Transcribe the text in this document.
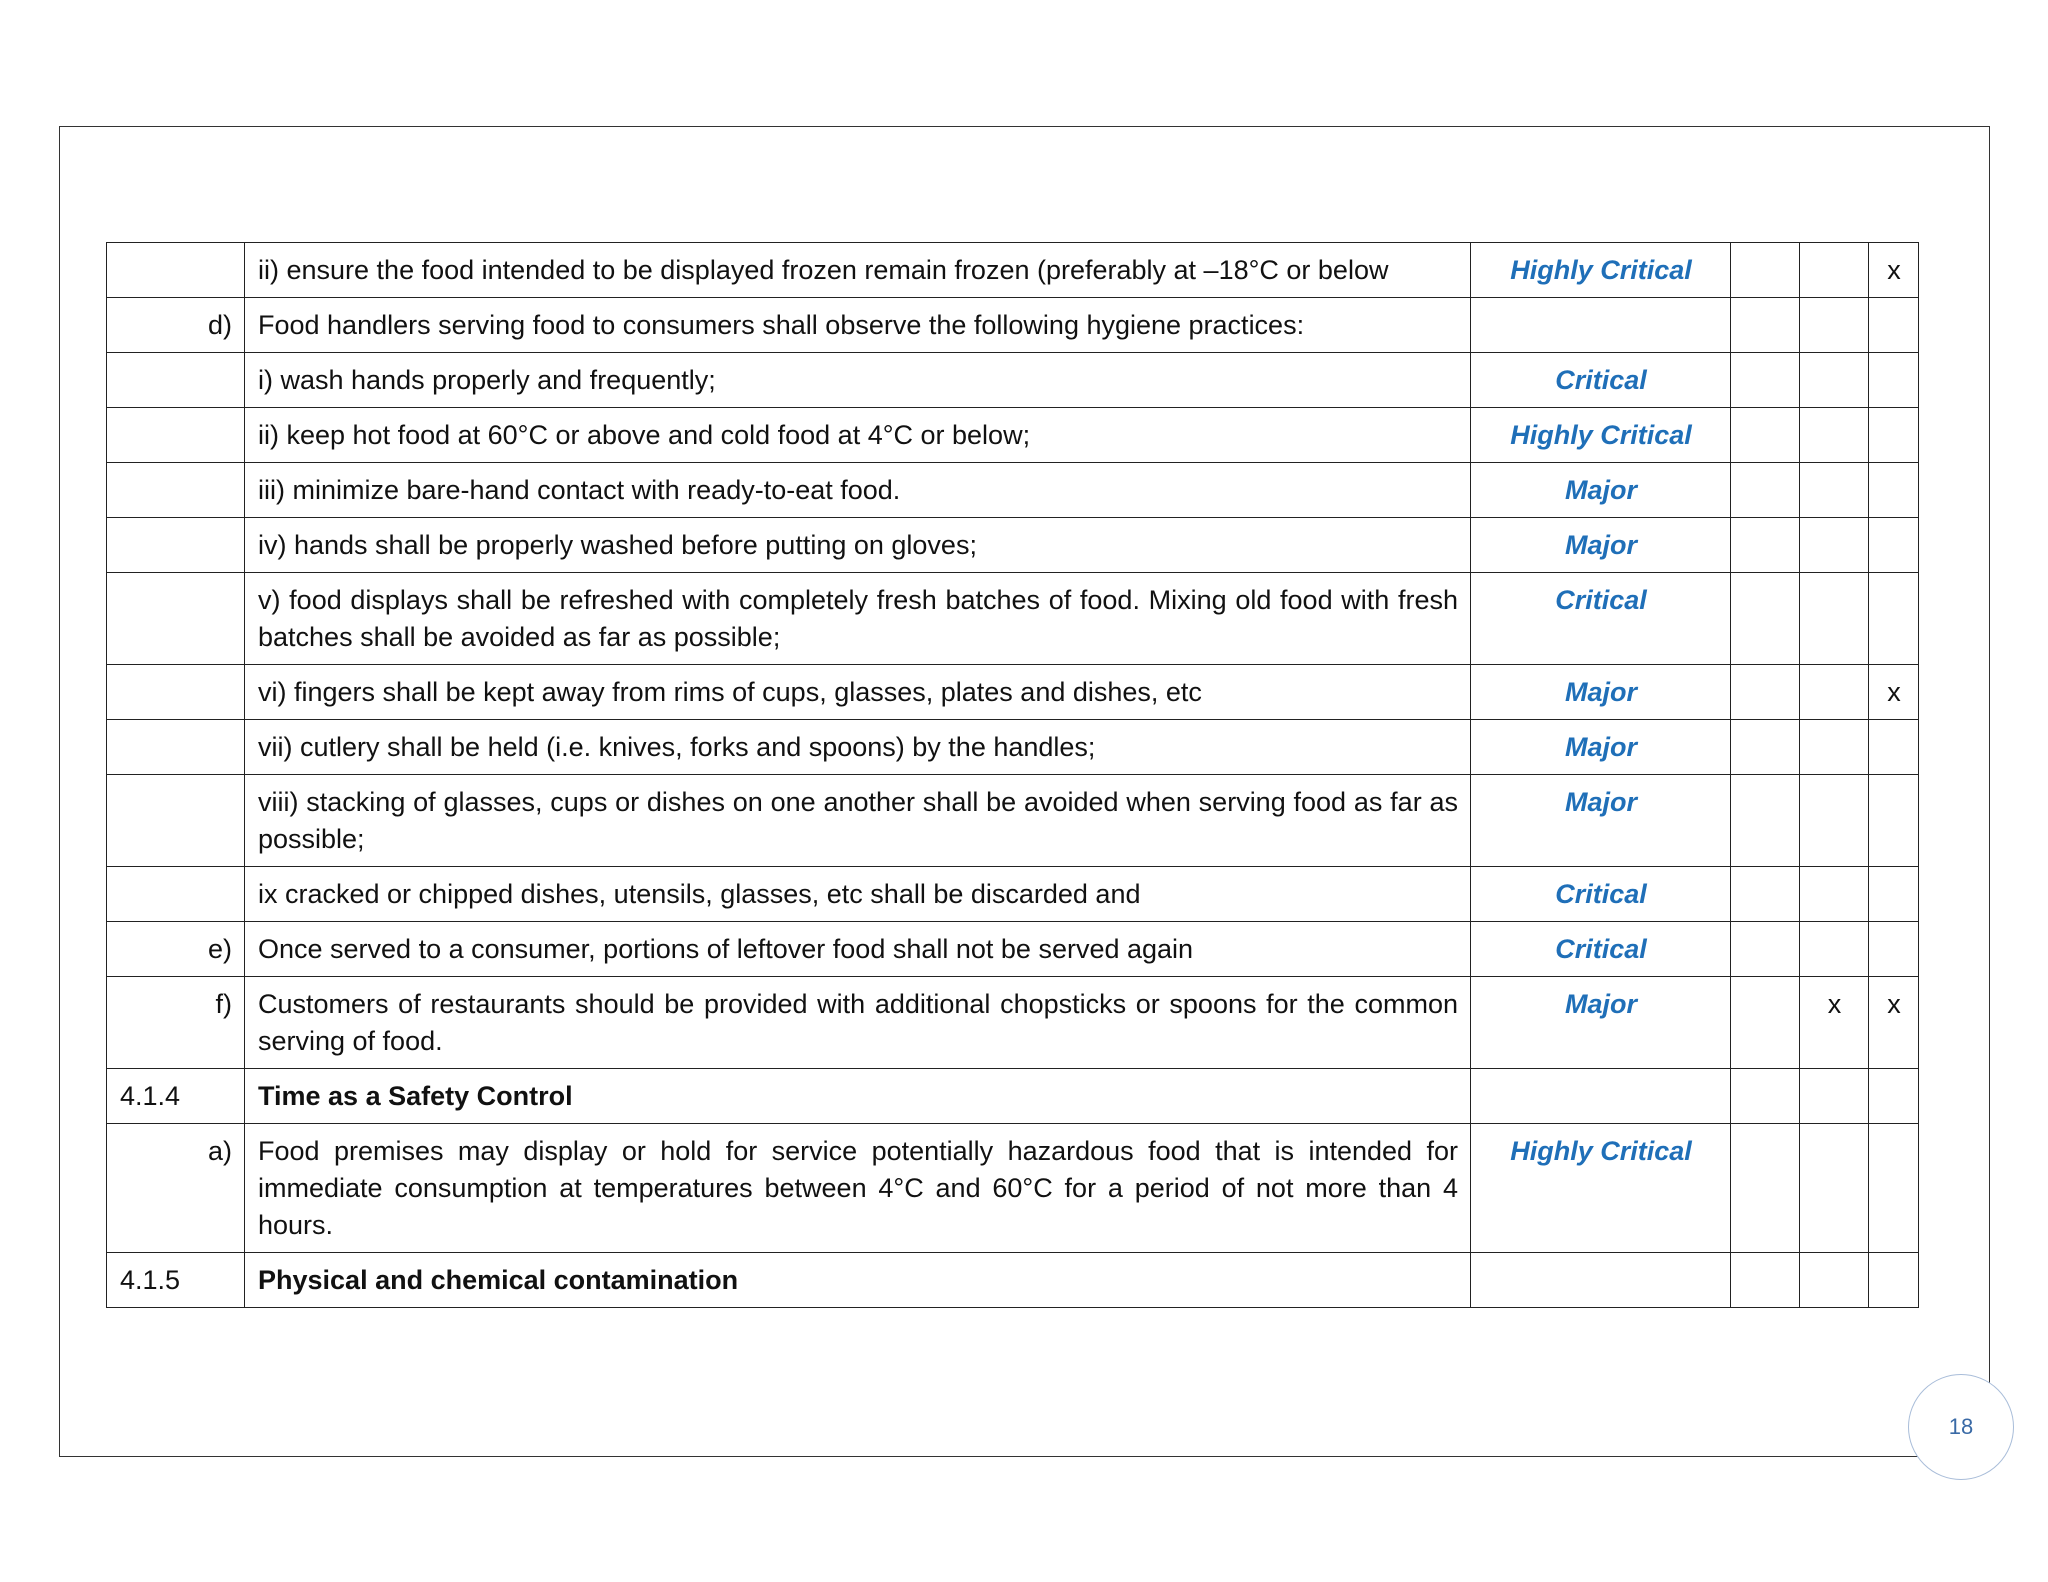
	ii) ensure the food intended to be displayed frozen remain frozen (preferably at –18°C or below	Highly Critical			x
d)	Food handlers serving food to consumers shall observe the following hygiene practices:				
	i) wash hands properly and frequently;	Critical			
	ii) keep hot food at 60°C or above and cold food at 4°C or below;	Highly Critical			
	iii) minimize bare-hand contact with ready-to-eat food.	Major			
	iv) hands shall be properly washed before putting on gloves;	Major			
	v) food displays shall be refreshed with completely fresh batches of food. Mixing old food with fresh batches shall be avoided as far as possible;	Critical			
	vi) fingers shall be kept away from rims of cups, glasses, plates and dishes, etc	Major			x
	vii) cutlery shall be held (i.e. knives, forks and spoons) by the handles;	Major			
	viii) stacking of glasses, cups or dishes on one another shall be avoided when serving food as far as possible;	Major			
	ix cracked or chipped dishes, utensils, glasses, etc shall be discarded and	Critical			
e)	Once served to a consumer, portions of leftover food shall not be served again	Critical			
f)	Customers of restaurants should be provided with additional chopsticks or spoons for the common serving of food.	Major		x	x
4.1.4	Time as a Safety Control				
a)	Food premises may display or hold for service potentially hazardous food that is intended for immediate consumption at temperatures between 4°C and 60°C for a period of not more than 4 hours.	Highly Critical			
4.1.5	Physical and chemical contamination				
18
